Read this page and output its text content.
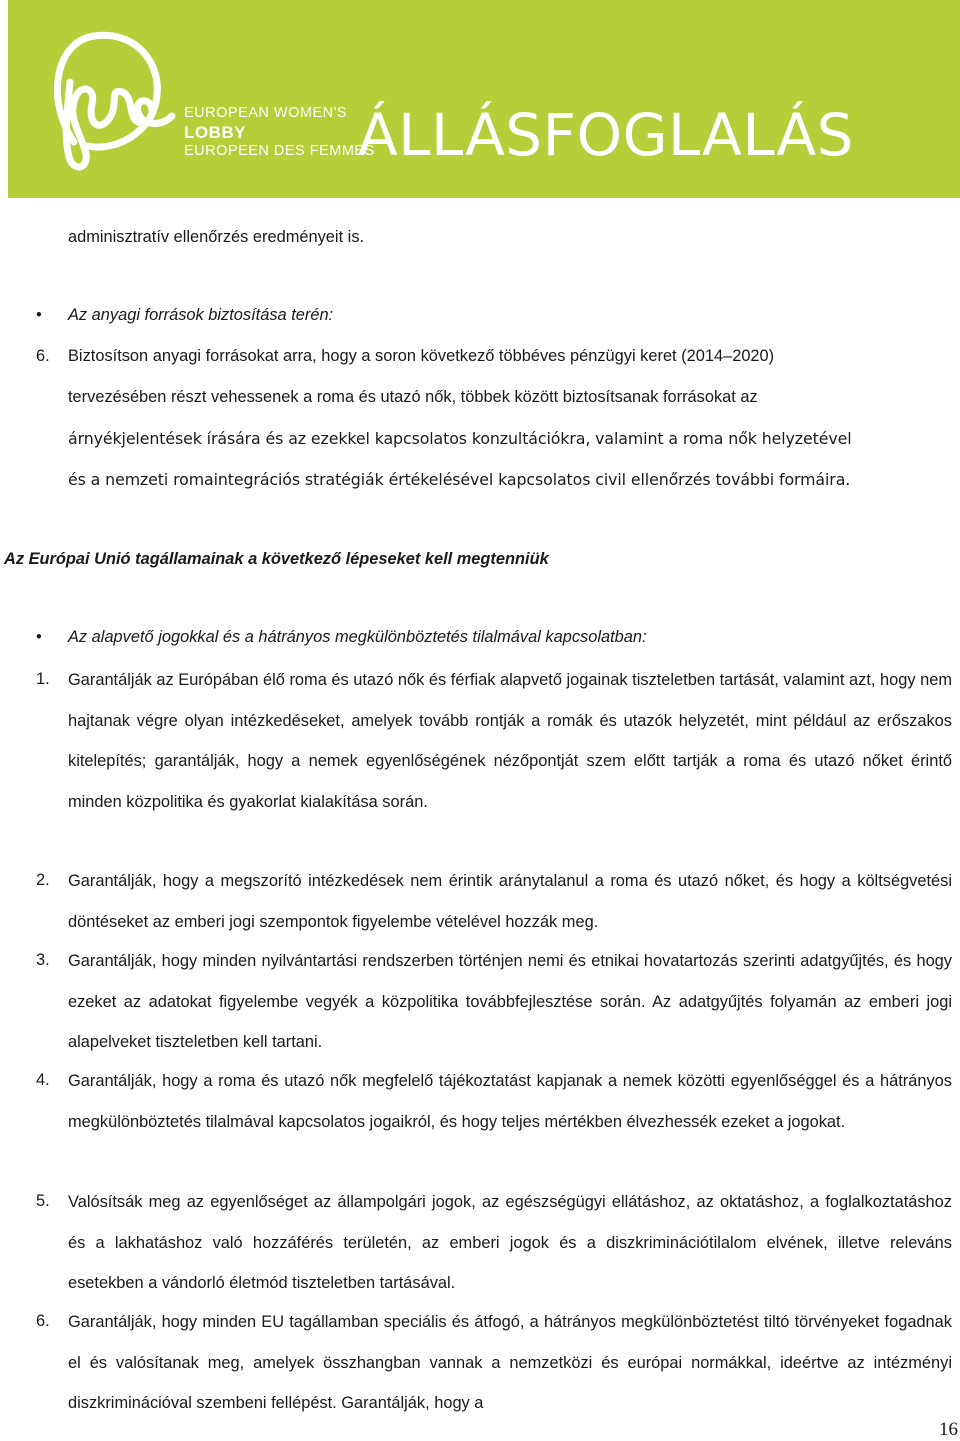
EUROPEAN WOMEN'S
LOBBY
EUROPEEN DES FEMMES
ÁLLÁSFOGLALÁS
adminisztratív ellenőrzés eredményeit is.
• Az anyagi források biztosítása terén:
6. Biztosítson anyagi forrásokat arra, hogy a soron következő többéves pénzügyi keret (2014–2020)
tervezésében részt vehessenek a roma és utazó nők, többek között biztosítsanak forrásokat az
árnyékjelentések írására és az ezekkel kapcsolatos konzultációkra, valamint a roma nők helyzetével
és a nemzeti romaintegrációs stratégiák értékelésével kapcsolatos civil ellenőrzés további formáira.
Az Európai Unió tagállamainak a következő lépeseket kell megtenniük
• Az alapvető jogokkal és a hátrányos megkülönböztetés tilalmával kapcsolatban:
1. Garantálják az Európában élő roma és utazó nők és férfiak alapvető jogainak tiszteletben tartását, valamint azt, hogy nem hajtanak végre olyan intézkedéseket, amelyek tovább rontják a romák és utazók helyzetét, mint például az erőszakos kitelepítés; garantálják, hogy a nemek egyenlőségének nézőpontját szem előtt tartják a roma és utazó nőket érintő minden közpolitika és gyakorlat kialakítása során.
2. Garantálják, hogy a megszorító intézkedések nem érintik aránytalanul a roma és utazó nőket, és hogy a költségvetési döntéseket az emberi jogi szempontok figyelembe vételével hozzák meg.
3. Garantálják, hogy minden nyilvántartási rendszerben történjen nemi és etnikai hovatartozás szerinti adatgyűjtés, és hogy ezeket az adatokat figyelembe vegyék a közpolitika továbbfejlesztése során. Az adatgyűjtés folyamán az emberi jogi alapelveket tiszteletben kell tartani.
4. Garantálják, hogy a roma és utazó nők megfelelő tájékoztatást kapjanak a nemek közötti egyenlőséggel és a hátrányos megkülönböztetés tilalmával kapcsolatos jogaikról, és hogy teljes mértékben élvezhessék ezeket a jogokat.
5. Valósítsák meg az egyenlőséget az állampolgári jogok, az egészségügyi ellátáshoz, az oktatáshoz, a foglalkoztatáshoz és a lakhatáshoz való hozzáférés területén, az emberi jogok és a diszkriminációtilalom elvének, illetve releváns esetekben a vándorló életmód tiszteletben tartásával.
6. Garantálják, hogy minden EU tagállamban speciális és átfogó, a hátrányos megkülönböztetést tiltó törvényeket fogadnak el és valósítanak meg, amelyek összhangban vannak a nemzetközi és európai normákkal, ideértve az intézményi diszkriminációval szembeni fellépést. Garantálják, hogy a
16
